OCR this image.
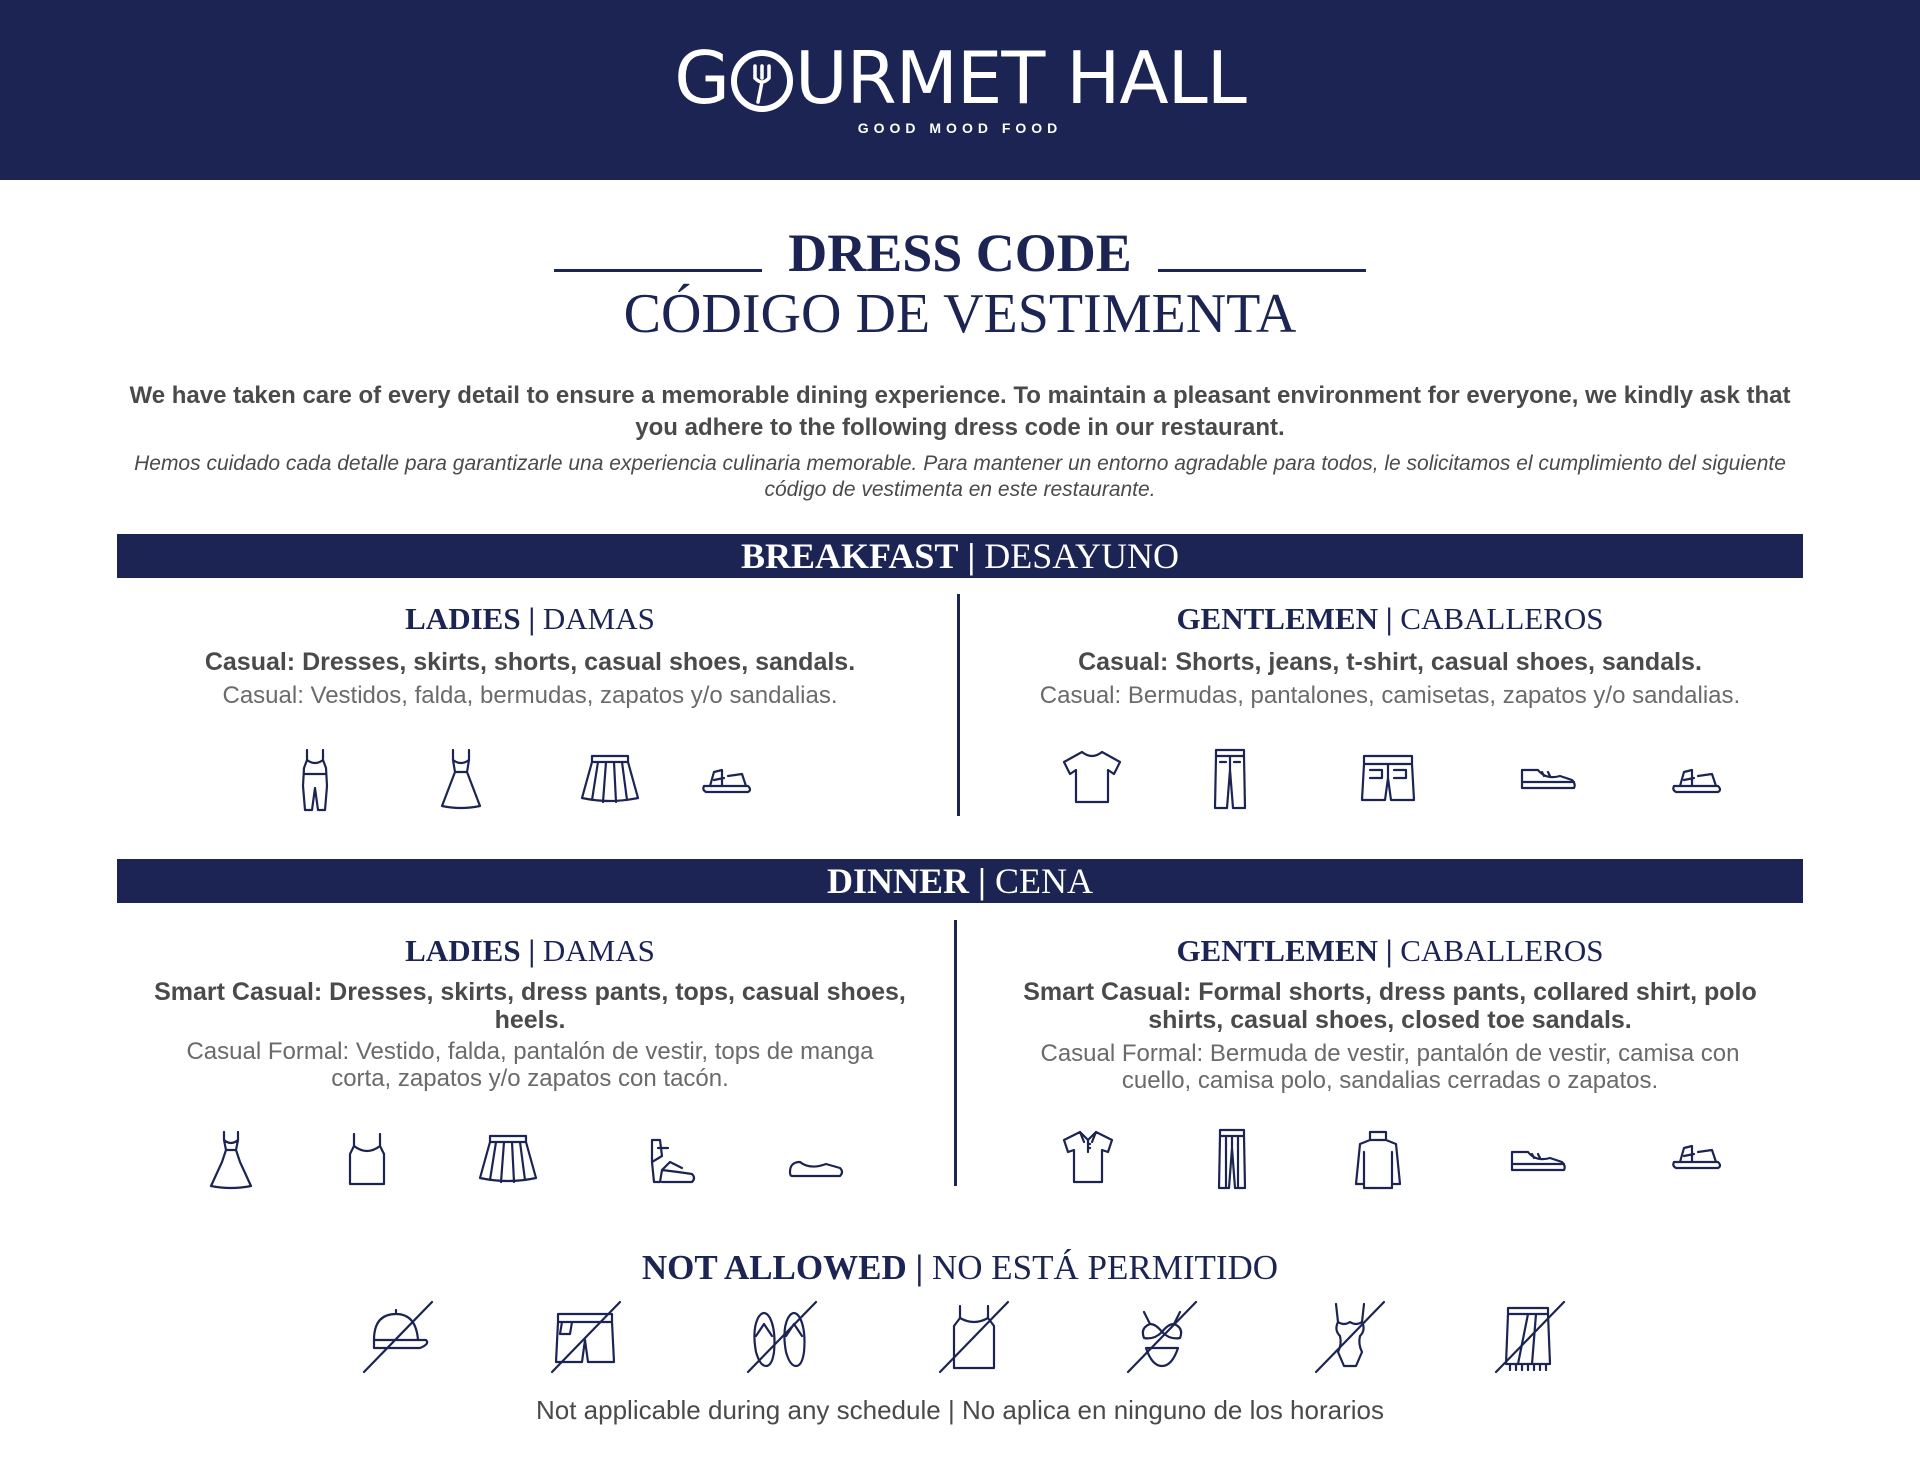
G URMET HALL
GOOD MOOD FOOD
DRESS CODE
CÓDIGO DE VESTIMENTA
We have taken care of every detail to ensure a memorable dining experience. To maintain a pleasant environment for everyone, we kindly ask that you adhere to the following dress code in our restaurant.
Hemos cuidado cada detalle para garantizarle una experiencia culinaria memorable. Para mantener un entorno agradable para todos, le solicitamos el cumplimiento del siguiente código de vestimenta en este restaurante.
BREAKFAST | DESAYUNO
LADIES | DAMAS
Casual: Dresses, skirts, shorts, casual shoes, sandals.
Casual: Vestidos, falda, bermudas, zapatos y/o sandalias.
GENTLEMEN | CABALLEROS
Casual: Shorts, jeans, t-shirt, casual shoes, sandals.
Casual: Bermudas, pantalones, camisetas, zapatos y/o sandalias.
DINNER | CENA
LADIES | DAMAS
Smart Casual: Dresses, skirts, dress pants, tops, casual shoes, heels.
Casual Formal: Vestido, falda, pantalón de vestir, tops de manga corta, zapatos y/o zapatos con tacón.
GENTLEMEN | CABALLEROS
Smart Casual: Formal shorts, dress pants, collared shirt, polo shirts, casual shoes, closed toe sandals.
Casual Formal: Bermuda de vestir, pantalón de vestir, camisa con cuello, camisa polo, sandalias cerradas o zapatos.
NOT ALLOWED | NO ESTÁ PERMITIDO
Not applicable during any schedule | No aplica en ninguno de los horarios
